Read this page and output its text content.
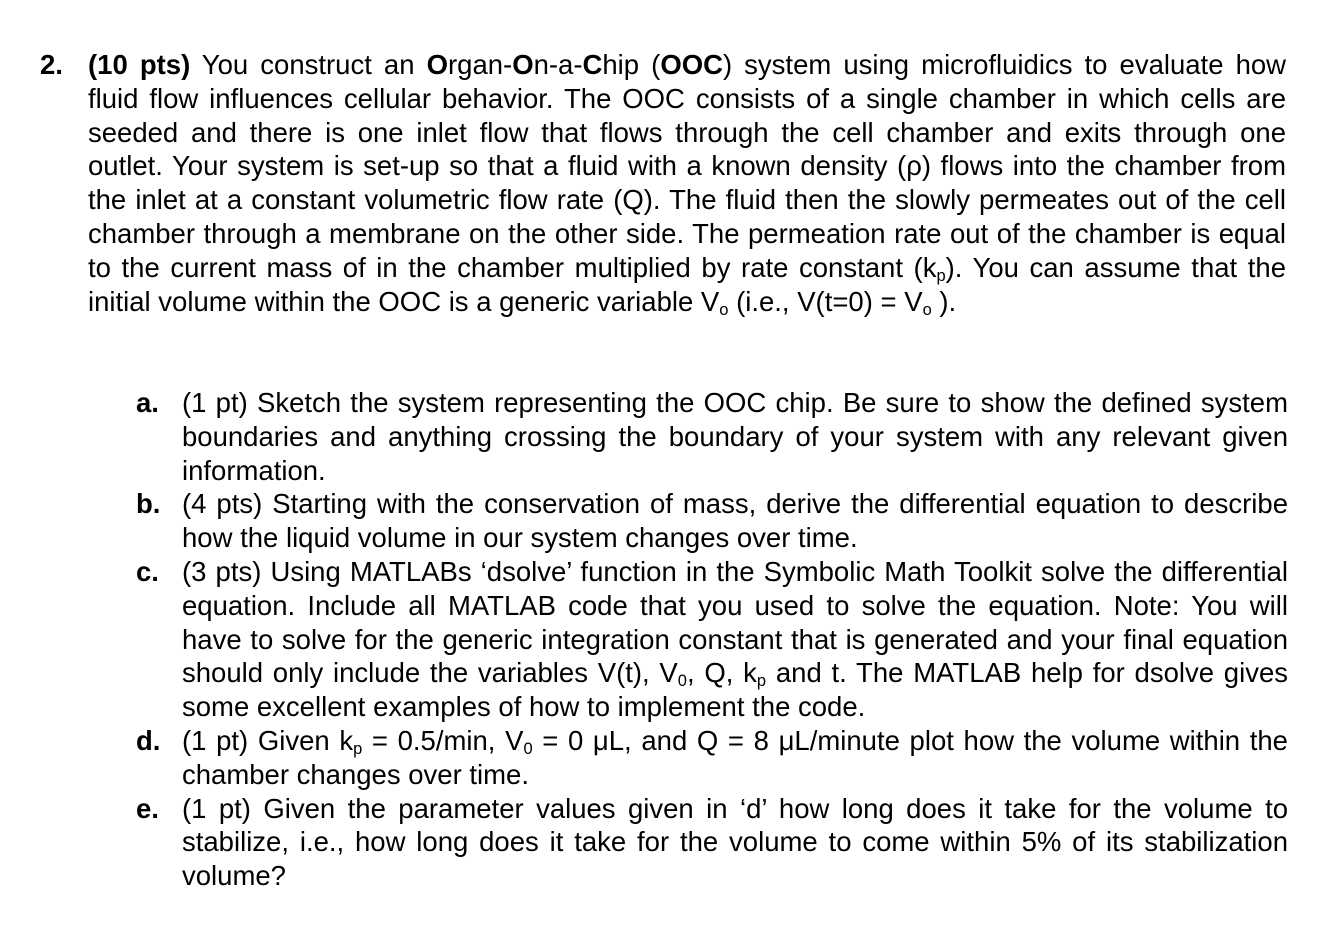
2. (10 pts) You construct an Organ-On-a-Chip (OOC) system using microfluidics to evaluate how fluid flow influences cellular behavior. The OOC consists of a single chamber in which cells are seeded and there is one inlet flow that flows through the cell chamber and exits through one outlet. Your system is set-up so that a fluid with a known density (ρ) flows into the chamber from the inlet at a constant volumetric flow rate (Q). The fluid then the slowly permeates out of the cell chamber through a membrane on the other side. The permeation rate out of the chamber is equal to the current mass of in the chamber multiplied by rate constant $(k_p)$. You can assume that the initial volume within the OOC is a generic variable $V_o$ (i.e., $V(t=0) = V_o$ ).
a. (1 pt) Sketch the system representing the OOC chip. Be sure to show the defined system boundaries and anything crossing the boundary of your system with any relevant given information.
b. (4 pts) Starting with the conservation of mass, derive the differential equation to describe how the liquid volume in our system changes over time.
c. (3 pts) Using MATLABs ‘dsolve’ function in the Symbolic Math Toolkit solve the differential equation. Include all MATLAB code that you used to solve the equation. Note: You will have to solve for the generic integration constant that is generated and your final equation should only include the variables V(t), $V_0$, Q, $k_p$ and t. The MATLAB help for dsolve gives some excellent examples of how to implement the code.
d. (1 pt) Given $k_p = 0.5/\min$, $V_0 = 0$ μL, and Q = 8 μL/minute plot how the volume within the chamber changes over time.
e. (1 pt) Given the parameter values given in ‘d’ how long does it take for the volume to stabilize, i.e., how long does it take for the volume to come within 5% of its stabilization volume?
